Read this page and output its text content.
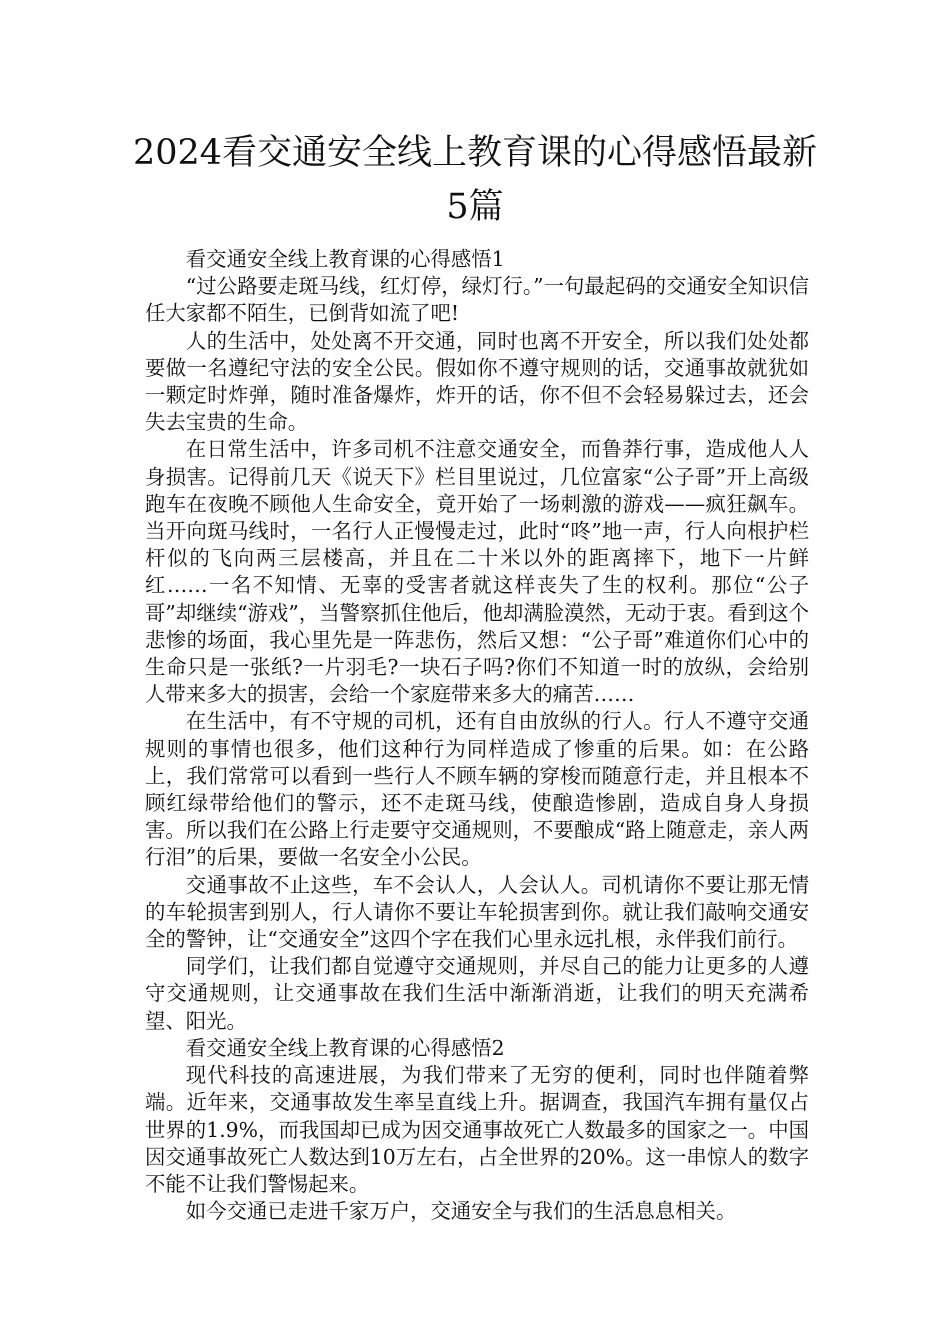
2024看交通安全线上教育课的心得感悟最新5篇

看交通安全线上教育课的心得感悟1

“过公路要走斑马线，红灯停，绿灯行。”一句最起码的交通安全知识信任大家都不陌生，已倒背如流了吧!

人的生活中，处处离不开交通，同时也离不开安全，所以我们处处都要做一名遵纪守法的安全公民。假如你不遵守规则的话，交通事故就犹如一颗定时炸弹，随时准备爆炸，炸开的话，你不但不会轻易躲过去，还会失去宝贵的生命。

在日常生活中，许多司机不注意交通安全，而鲁莽行事，造成他人人身损害。记得前几天《说天下》栏目里说过，几位富家“公子哥”开上高级跑车在夜晚不顾他人生命安全，竟开始了一场刺激的游戏——疯狂飙车。当开向斑马线时，一名行人正慢慢走过，此时“咚”地一声，行人向根护栏杆似的飞向两三层楼高，并且在二十米以外的距离摔下，地下一片鲜红……一名不知情、无辜的受害者就这样丧失了生的权利。那位“公子哥”却继续“游戏”，当警察抓住他后，他却满脸漠然，无动于衷。看到这个悲惨的场面，我心里先是一阵悲伤，然后又想：“公子哥”难道你们心中的生命只是一张纸?一片羽毛?一块石子吗?你们不知道一时的放纵，会给别人带来多大的损害，会给一个家庭带来多大的痛苦……

在生活中，有不守规的司机，还有自由放纵的行人。行人不遵守交通规则的事情也很多，他们这种行为同样造成了惨重的后果。如：在公路上，我们常常可以看到一些行人不顾车辆的穿梭而随意行走，并且根本不顾红绿带给他们的警示，还不走斑马线，使酿造惨剧，造成自身人身损害。所以我们在公路上行走要守交通规则，不要酿成“路上随意走，亲人两行泪”的后果，要做一名安全小公民。

交通事故不止这些，车不会认人，人会认人。司机请你不要让那无情的车轮损害到别人，行人请你不要让车轮损害到你。就让我们敲响交通安全的警钟，让“交通安全”这四个字在我们心里永远扎根，永伴我们前行。

同学们，让我们都自觉遵守交通规则，并尽自己的能力让更多的人遵守交通规则，让交通事故在我们生活中渐渐消逝，让我们的明天充满希望、阳光。

看交通安全线上教育课的心得感悟2

现代科技的高速进展，为我们带来了无穷的便利，同时也伴随着弊端。近年来，交通事故发生率呈直线上升。据调查，我国汽车拥有量仅占世界的1.9%，而我国却已成为因交通事故死亡人数最多的国家之一。中国因交通事故死亡人数达到10万左右，占全世界的20%。这一串惊人的数字不能不让我们警惕起来。

如今交通已走进千家万户，交通安全与我们的生活息息相关。
